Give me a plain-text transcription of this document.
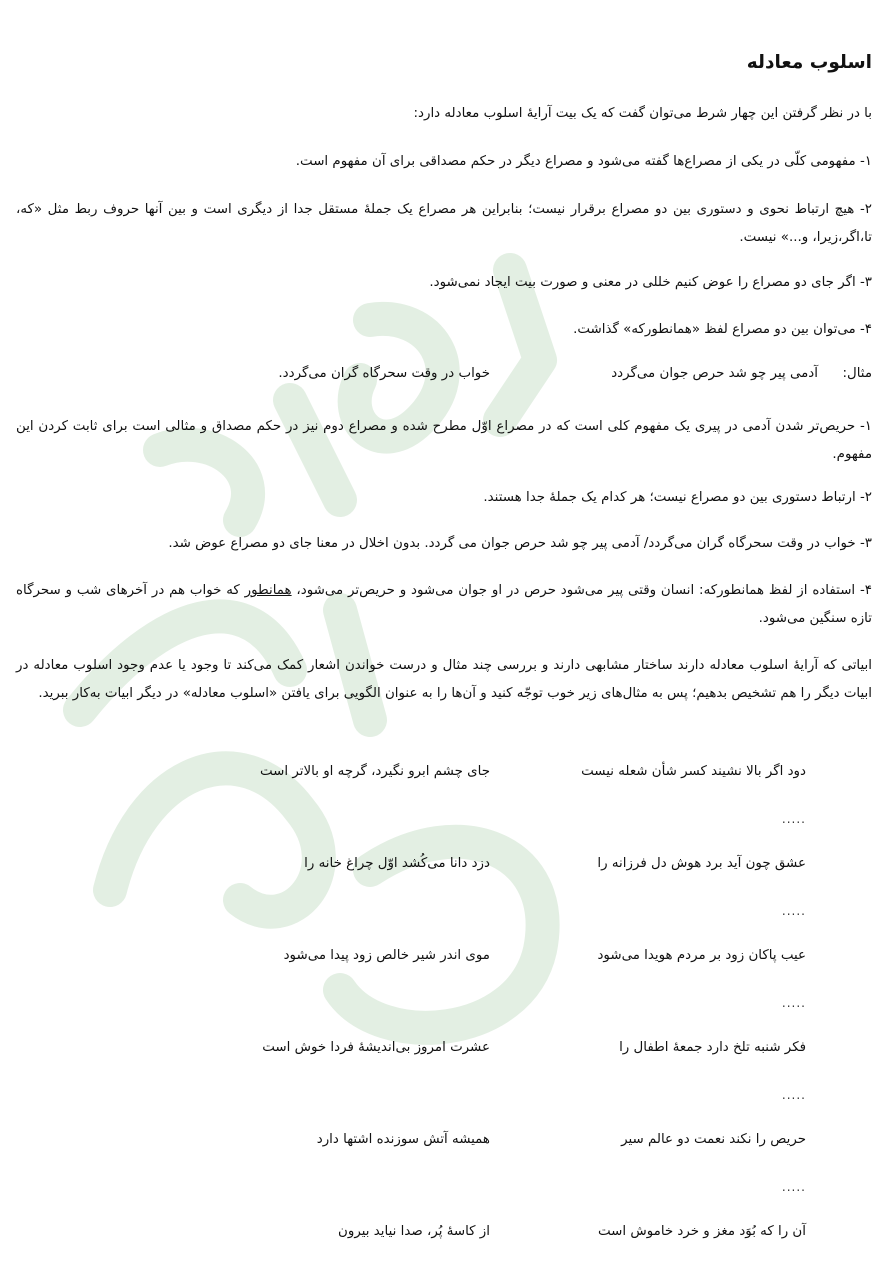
اسلوب معادله

با در نظر گرفتن این چهار شرط می‌توان گفت که یک بیت آرایهٔ اسلوب معادله دارد:

۱- مفهومی کلّی در یکی از مصراع‌ها گفته می‌شود و مصراع دیگر در حکم مصداقی برای آن مفهوم است.

۲- هیچ ارتباط نحوی و دستوری بین دو مصراع برقرار نیست؛ بنابراین هر مصراع یک جملهٔ مستقل جدا از دیگری است و بین آنها حروف ربط مثل «که، تا،اگر،زیرا، و...» نیست.

۳- اگر جای دو مصراع را عوض کنیم خللی در معنی و صورت بیت ایجاد نمی‌شود.

۴- می‌توان بین دو مصراع لفظ «همانطورکه» گذاشت.

مثال:
آدمی پیر چو شد حرص جوان می‌گردد
خواب در وقت سحرگاه گران می‌گردد.

۱- حریص‌تر شدن آدمی در پیری یک مفهوم کلی است که در مصراع اوّل مطرح شده و مصراع دوم نیز در حکم مصداق و مثالی است برای ثابت کردن این مفهوم.

۲- ارتباط دستوری بین دو مصراع نیست؛ هر کدام یک جملهٔ جدا هستند.

۳- خواب در وقت سحرگاه گران می‌گردد/ آدمی پیر چو شد حرص جوان می گردد. بدون اخلال در معنا جای دو مصراع عوض شد.

۴- استفاده از لفظ همانطورکه: انسان وقتی پیر می‌شود حرص در او جوان می‌شود و حریص‌تر می‌شود، همانطور که خواب هم در آخرهای شب و سحرگاه تازه سنگین می‌شود.

ابیاتی که آرایهٔ اسلوب معادله دارند ساختار مشابهی دارند و بررسی چند مثال و درست خواندن اشعار کمک می‌کند تا وجود یا عدم وجود اسلوب معادله در ابیات دیگر را هم تشخیص بدهیم؛ پس به مثال‌های زیر خوب توجّه کنید و آن‌ها را به عنوان الگویی برای یافتن «اسلوب معادله» در دیگر ابیات به‌کار ببرید.

دود اگر بالا نشیند کسر شأن شعله نیست
جای چشم ابرو نگیرد، گرچه او بالاتر است
.....
عشق چون آید برد هوش دل فرزانه را
دزد دانا می‌کُشد اوّل چراغ خانه را
.....
عیب پاکان زود بر مردم هویدا می‌شود
موی اندر شیر خالص زود پیدا می‌شود
.....
فکر شنبه تلخ دارد جمعهٔ اطفال را
عشرت امروز بی‌اندیشهٔ فردا خوش است
.....
حریص را نکند نعمت دو عالم سیر
همیشه آتش سوزنده اشتها دارد
.....
آن را که بُوَد مغز و خرد خاموش است
از کاسهٔ پُر، صدا نیاید بیرون
